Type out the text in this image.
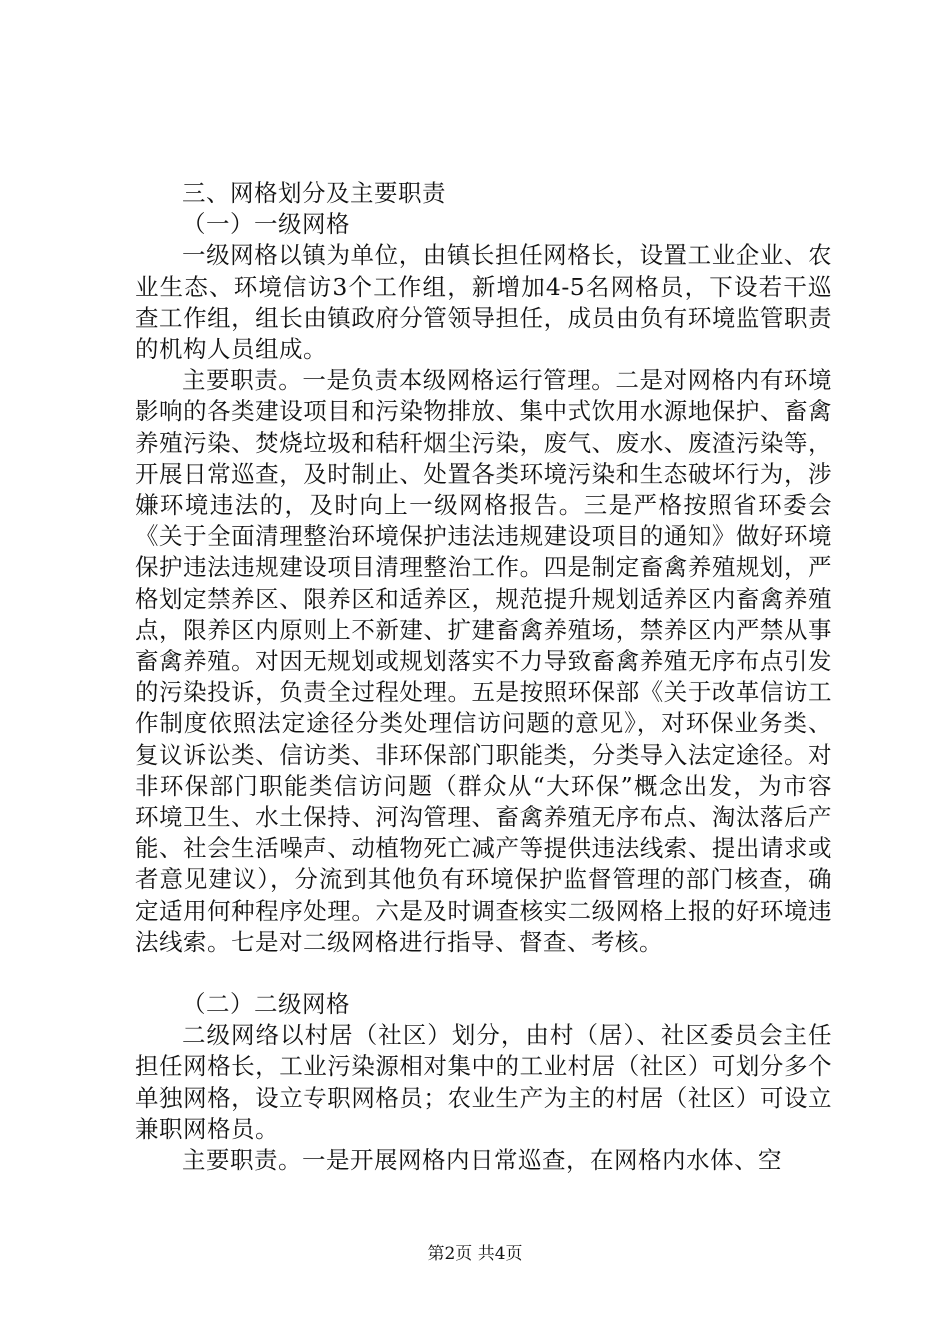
三、网格划分及主要职责

（一）一级网格

一级网格以镇为单位，由镇长担任网格长，设置工业企业、农业生态、环境信访3个工作组，新增加4-5名网格员，下设若干巡查工作组，组长由镇政府分管领导担任，成员由负有环境监管职责的机构人员组成。

主要职责。一是负责本级网格运行管理。二是对网格内有环境影响的各类建设项目和污染物排放、集中式饮用水源地保护、畜禽养殖污染、焚烧垃圾和秸秆烟尘污染，废气、废水、废渣污染等，开展日常巡查，及时制止、处置各类环境污染和生态破坏行为，涉嫌环境违法的，及时向上一级网格报告。三是严格按照省环委会《关于全面清理整治环境保护违法违规建设项目的通知》做好环境保护违法违规建设项目清理整治工作。四是制定畜禽养殖规划，严格划定禁养区、限养区和适养区，规范提升规划适养区内畜禽养殖点，限养区内原则上不新建、扩建畜禽养殖场，禁养区内严禁从事畜禽养殖。对因无规划或规划落实不力导致畜禽养殖无序布点引发的污染投诉，负责全过程处理。五是按照环保部《关于改革信访工作制度依照法定途径分类处理信访问题的意见》，对环保业务类、复议诉讼类、信访类、非环保部门职能类，分类导入法定途径。对非环保部门职能类信访问题（群众从“大环保”概念出发，为市容环境卫生、水土保持、河沟管理、畜禽养殖无序布点、淘汰落后产能、社会生活噪声、动植物死亡减产等提供违法线索、提出请求或者意见建议），分流到其他负有环境保护监督管理的部门核查，确定适用何种程序处理。六是及时调查核实二级网格上报的好环境违法线索。七是对二级网格进行指导、督查、考核。

（二）二级网格

二级网络以村居（社区）划分，由村（居）、社区委员会主任担任网格长，工业污染源相对集中的工业村居（社区）可划分多个单独网格，设立专职网格员；农业生产为主的村居（社区）可设立兼职网格员。

主要职责。一是开展网格内日常巡查，在网格内水体、空

第2页 共4页
